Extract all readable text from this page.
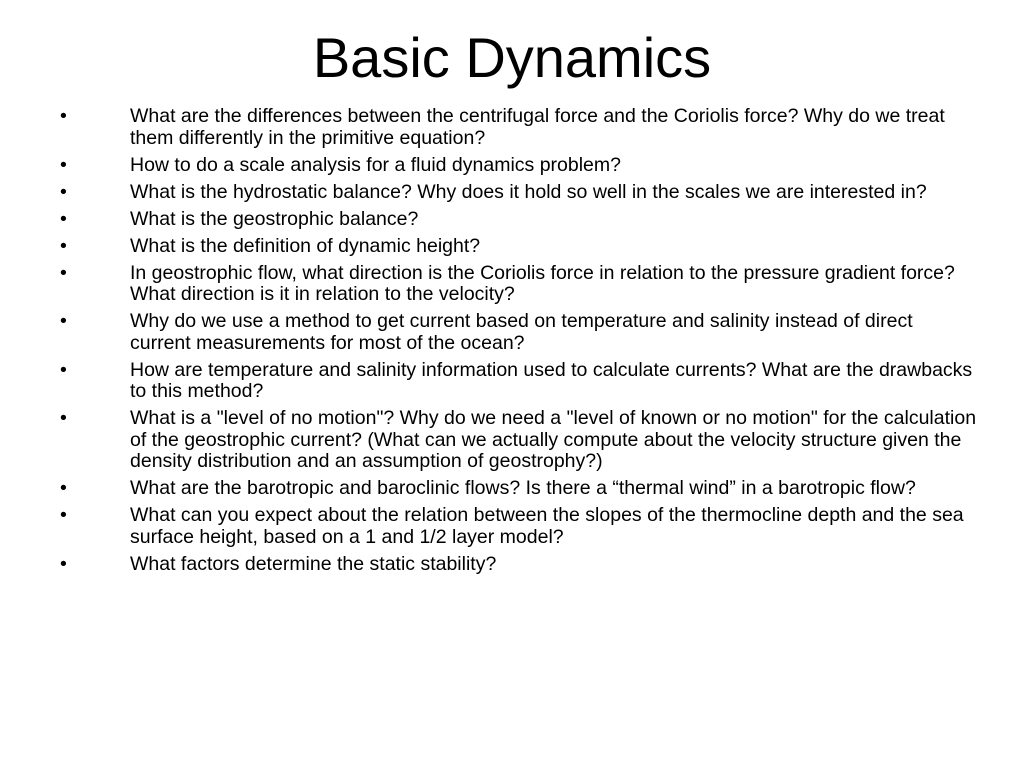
Basic Dynamics
•	What are the differences between the centrifugal force and the Coriolis force? Why do we treat them differently in the primitive equation?
•	How to do a scale analysis for a fluid dynamics problem?
•	What is the hydrostatic balance? Why does it hold so well in the scales we are interested in?
•	What is the geostrophic balance?
•	What is the definition of dynamic height?
•	In geostrophic flow, what direction is the Coriolis force in relation to the pressure gradient force? What direction is it in relation to the velocity?
•	Why do we use a method to get current based on temperature and salinity instead of direct current measurements for most of the ocean?
•	How are temperature and salinity information used to calculate currents? What are the drawbacks to this method?
•	What is a "level of no motion"? Why do we need a "level of known or no motion" for the calculation of the geostrophic current? (What can we actually compute about the velocity structure given the density distribution and an assumption of geostrophy?)
•	What are the barotropic and baroclinic flows? Is there a “thermal wind” in a barotropic flow?
•	What can you expect about the relation between the slopes of the thermocline depth and the sea surface height, based on a 1 and 1/2 layer model?
•	What factors determine the static stability?
